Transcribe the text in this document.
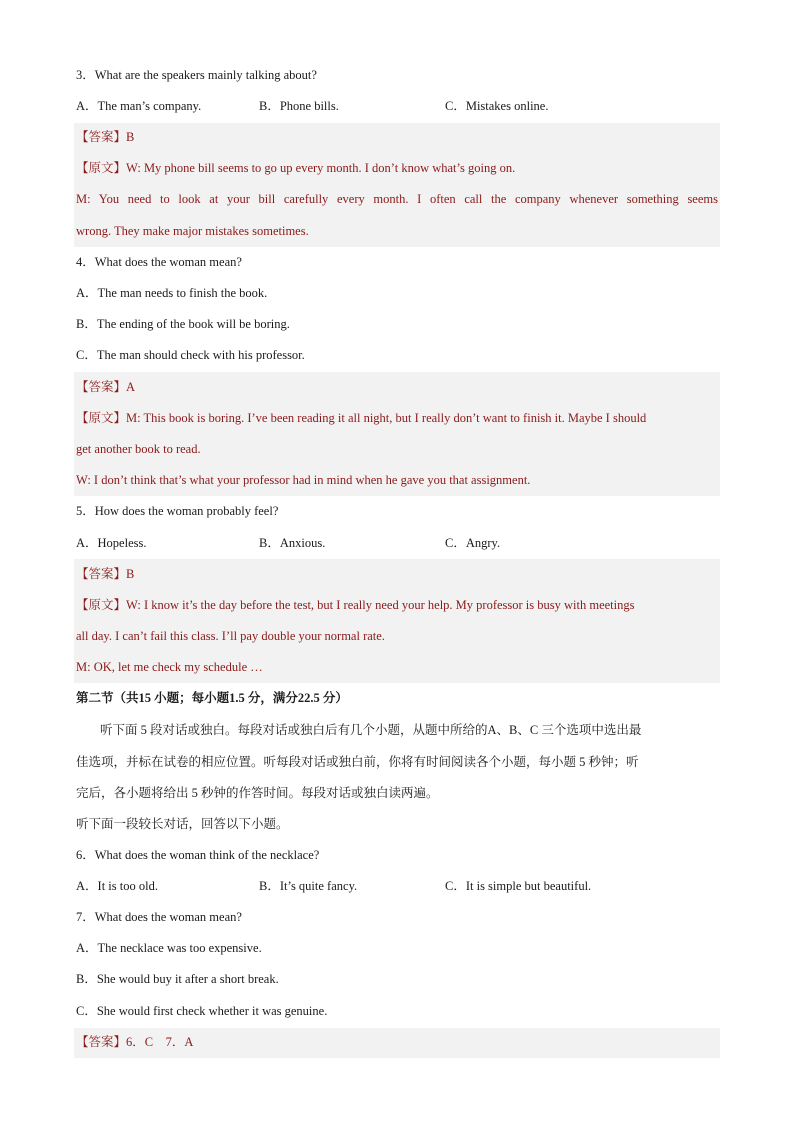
3．What are the speakers mainly talking about?
A．The man’s company.	B．Phone bills.	C．Mistakes online.
【答案】B
【原文】W: My phone bill seems to go up every month. I don’t know what’s going on.
M: You need to look at your bill carefully every month. I often call the company whenever something seems
wrong. They make major mistakes sometimes.
4．What does the woman mean?
A．The man needs to finish the book.
B．The ending of the book will be boring.
C．The man should check with his professor.
【答案】A
【原文】M: This book is boring. I’ve been reading it all night, but I really don’t want to finish it. Maybe I should
get another book to read.
W: I don’t think that’s what your professor had in mind when he gave you that assignment.
5．How does the woman probably feel?
A．Hopeless.	B．Anxious.	C．Angry.
【答案】B
【原文】W: I know it’s the day before the test, but I really need your help. My professor is busy with meetings
all day. I can’t fail this class. I’ll pay double your normal rate.
M: OK, let me check my schedule …
第二节（共15 小题；每小题1.5 分，满分22.5 分）
听下面 5 段对话或独白。每段对话或独白后有几个小题，从题中所给的A、B、C 三个选项中选出最
佳选项，并标在试卷的相应位置。听每段对话或独白前，你将有时间阅读各个小题，每小题 5 秒钟；听
完后，各小题将给出 5 秒钟的作答时间。每段对话或独白读两遍。
听下面一段较长对话，回答以下小题。
6．What does the woman think of the necklace?
A．It is too old.	B．It’s quite fancy.	C．It is simple but beautiful.
7．What does the woman mean?
A．The necklace was too expensive.
B．She would buy it after a short break.
C．She would first check whether it was genuine.
【答案】6．C    7．A
